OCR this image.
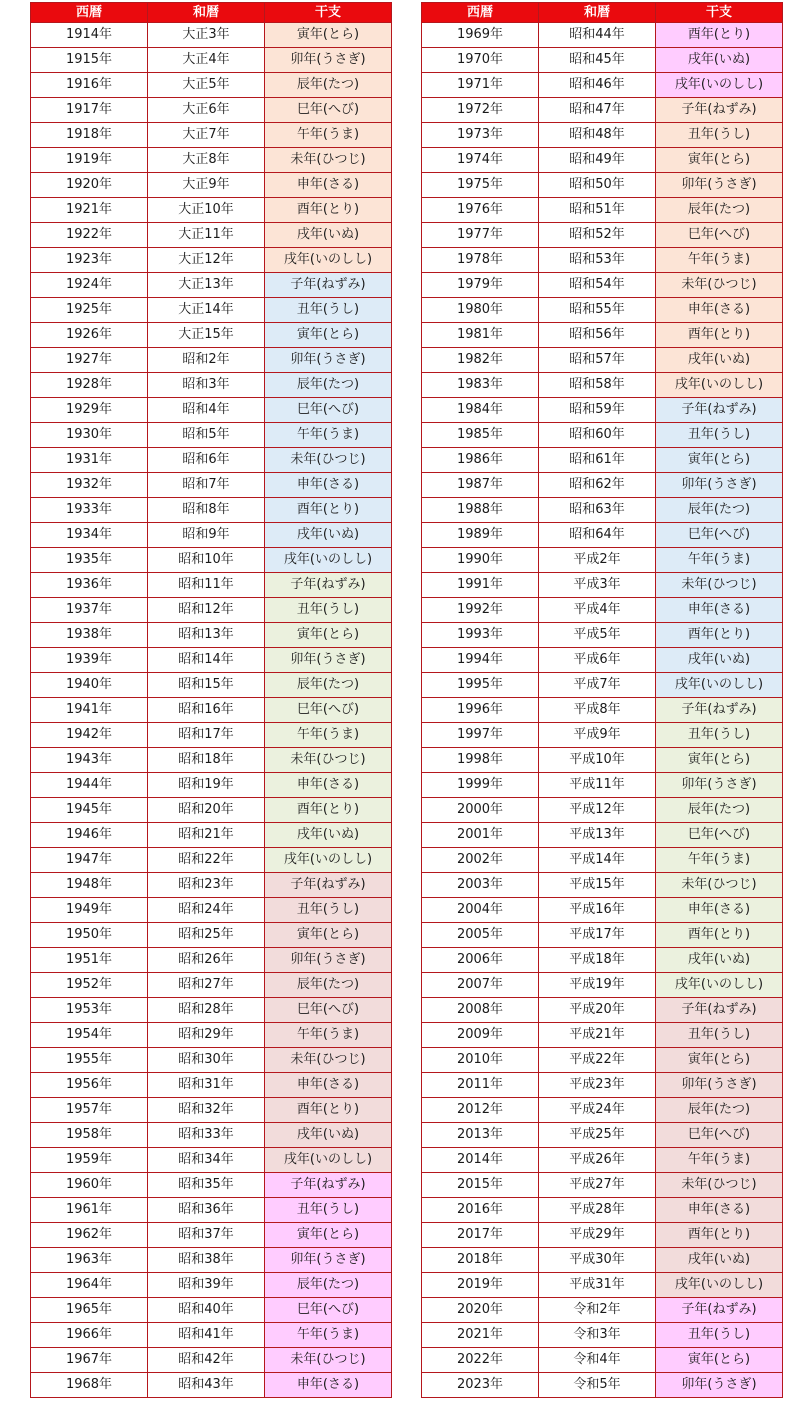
西暦	和暦	干支
1914年	大正3年	寅年(とら)
1915年	大正4年	卯年(うさぎ)
1916年	大正5年	辰年(たつ)
1917年	大正6年	巳年(へび)
1918年	大正7年	午年(うま)
1919年	大正8年	未年(ひつじ)
1920年	大正9年	申年(さる)
1921年	大正10年	酉年(とり)
1922年	大正11年	戌年(いぬ)
1923年	大正12年	戌年(いのしし)
1924年	大正13年	子年(ねずみ)
1925年	大正14年	丑年(うし)
1926年	大正15年	寅年(とら)
1927年	昭和2年	卯年(うさぎ)
1928年	昭和3年	辰年(たつ)
1929年	昭和4年	巳年(へび)
1930年	昭和5年	午年(うま)
1931年	昭和6年	未年(ひつじ)
1932年	昭和7年	申年(さる)
1933年	昭和8年	酉年(とり)
1934年	昭和9年	戌年(いぬ)
1935年	昭和10年	戌年(いのしし)
1936年	昭和11年	子年(ねずみ)
1937年	昭和12年	丑年(うし)
1938年	昭和13年	寅年(とら)
1939年	昭和14年	卯年(うさぎ)
1940年	昭和15年	辰年(たつ)
1941年	昭和16年	巳年(へび)
1942年	昭和17年	午年(うま)
1943年	昭和18年	未年(ひつじ)
1944年	昭和19年	申年(さる)
1945年	昭和20年	酉年(とり)
1946年	昭和21年	戌年(いぬ)
1947年	昭和22年	戌年(いのしし)
1948年	昭和23年	子年(ねずみ)
1949年	昭和24年	丑年(うし)
1950年	昭和25年	寅年(とら)
1951年	昭和26年	卯年(うさぎ)
1952年	昭和27年	辰年(たつ)
1953年	昭和28年	巳年(へび)
1954年	昭和29年	午年(うま)
1955年	昭和30年	未年(ひつじ)
1956年	昭和31年	申年(さる)
1957年	昭和32年	酉年(とり)
1958年	昭和33年	戌年(いぬ)
1959年	昭和34年	戌年(いのしし)
1960年	昭和35年	子年(ねずみ)
1961年	昭和36年	丑年(うし)
1962年	昭和37年	寅年(とら)
1963年	昭和38年	卯年(うさぎ)
1964年	昭和39年	辰年(たつ)
1965年	昭和40年	巳年(へび)
1966年	昭和41年	午年(うま)
1967年	昭和42年	未年(ひつじ)
1968年	昭和43年	申年(さる)
西暦	和暦	干支
1969年	昭和44年	酉年(とり)
1970年	昭和45年	戌年(いぬ)
1971年	昭和46年	戌年(いのしし)
1972年	昭和47年	子年(ねずみ)
1973年	昭和48年	丑年(うし)
1974年	昭和49年	寅年(とら)
1975年	昭和50年	卯年(うさぎ)
1976年	昭和51年	辰年(たつ)
1977年	昭和52年	巳年(へび)
1978年	昭和53年	午年(うま)
1979年	昭和54年	未年(ひつじ)
1980年	昭和55年	申年(さる)
1981年	昭和56年	酉年(とり)
1982年	昭和57年	戌年(いぬ)
1983年	昭和58年	戌年(いのしし)
1984年	昭和59年	子年(ねずみ)
1985年	昭和60年	丑年(うし)
1986年	昭和61年	寅年(とら)
1987年	昭和62年	卯年(うさぎ)
1988年	昭和63年	辰年(たつ)
1989年	昭和64年	巳年(へび)
1990年	平成2年	午年(うま)
1991年	平成3年	未年(ひつじ)
1992年	平成4年	申年(さる)
1993年	平成5年	酉年(とり)
1994年	平成6年	戌年(いぬ)
1995年	平成7年	戌年(いのしし)
1996年	平成8年	子年(ねずみ)
1997年	平成9年	丑年(うし)
1998年	平成10年	寅年(とら)
1999年	平成11年	卯年(うさぎ)
2000年	平成12年	辰年(たつ)
2001年	平成13年	巳年(へび)
2002年	平成14年	午年(うま)
2003年	平成15年	未年(ひつじ)
2004年	平成16年	申年(さる)
2005年	平成17年	酉年(とり)
2006年	平成18年	戌年(いぬ)
2007年	平成19年	戌年(いのしし)
2008年	平成20年	子年(ねずみ)
2009年	平成21年	丑年(うし)
2010年	平成22年	寅年(とら)
2011年	平成23年	卯年(うさぎ)
2012年	平成24年	辰年(たつ)
2013年	平成25年	巳年(へび)
2014年	平成26年	午年(うま)
2015年	平成27年	未年(ひつじ)
2016年	平成28年	申年(さる)
2017年	平成29年	酉年(とり)
2018年	平成30年	戌年(いぬ)
2019年	平成31年	戌年(いのしし)
2020年	令和2年	子年(ねずみ)
2021年	令和3年	丑年(うし)
2022年	令和4年	寅年(とら)
2023年	令和5年	卯年(うさぎ)
